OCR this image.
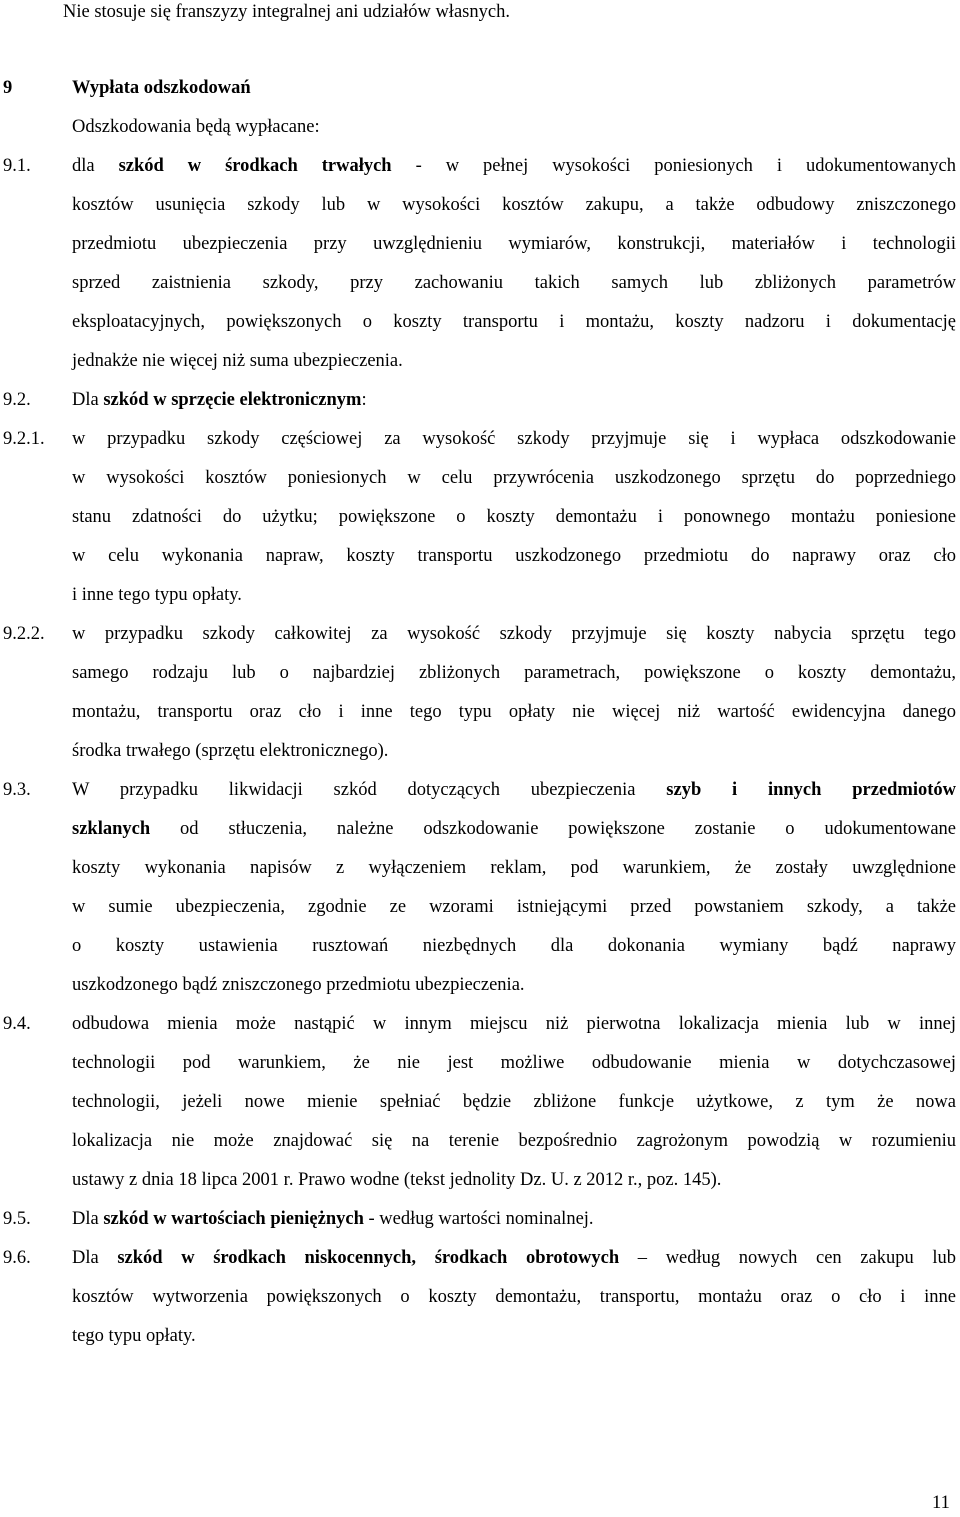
Nie stosuje się franszyzy integralnej ani udziałów własnych.
9	Wypłata odszkodowań
Odszkodowania będą wypłacane:
9.1. dla szkód w środkach trwałych - w pełnej wysokości poniesionych i udokumentowanych
kosztów usunięcia szkody lub w wysokości kosztów zakupu, a także odbudowy zniszczonego
przedmiotu ubezpieczenia przy uwzględnieniu wymiarów, konstrukcji, materiałów i technologii
sprzed zaistnienia szkody, przy zachowaniu takich samych lub zbliżonych parametrów
eksploatacyjnych, powiększonych o koszty transportu i montażu, koszty nadzoru i dokumentację
jednakże nie więcej niż suma ubezpieczenia.
9.2. Dla szkód w sprzęcie elektronicznym:
9.2.1. w przypadku szkody częściowej za wysokość szkody przyjmuje się i wypłaca odszkodowanie
w wysokości kosztów poniesionych w celu przywrócenia uszkodzonego sprzętu do poprzedniego
stanu zdatności do użytku; powiększone o koszty demontażu i ponownego montażu poniesione
w celu wykonania napraw, koszty transportu uszkodzonego przedmiotu do naprawy oraz cło
i inne tego typu opłaty.
9.2.2. w przypadku szkody całkowitej za wysokość szkody przyjmuje się koszty nabycia sprzętu tego
samego rodzaju lub o najbardziej zbliżonych parametrach, powiększone o koszty demontażu,
montażu, transportu oraz cło i inne tego typu opłaty nie więcej niż wartość ewidencyjna danego
środka trwałego (sprzętu elektronicznego).
9.3. W przypadku likwidacji szkód dotyczących ubezpieczenia szyb i innych przedmiotów
szklanych od stłuczenia, należne odszkodowanie powiększone zostanie o udokumentowane
koszty wykonania napisów z wyłączeniem reklam, pod warunkiem, że zostały uwzględnione
w sumie ubezpieczenia, zgodnie ze wzorami istniejącymi przed powstaniem szkody, a także
o koszty ustawienia rusztowań niezbędnych dla dokonania wymiany bądź naprawy
uszkodzonego bądź zniszczonego przedmiotu ubezpieczenia.
9.4. odbudowa mienia może nastąpić w innym miejscu niż pierwotna lokalizacja mienia lub w innej
technologii pod warunkiem, że nie jest możliwe odbudowanie mienia w dotychczasowej
technologii, jeżeli nowe mienie spełniać będzie zbliżone funkcje użytkowe, z tym że nowa
lokalizacja nie może znajdować się na terenie bezpośrednio zagrożonym powodzią w rozumieniu
ustawy z dnia 18 lipca 2001 r. Prawo wodne (tekst jednolity Dz. U. z 2012 r., poz. 145).
9.5. Dla szkód w wartościach pieniężnych - według wartości nominalnej.
9.6. Dla szkód w środkach niskocennych, środkach obrotowych – według nowych cen zakupu lub
kosztów wytworzenia powiększonych o koszty demontażu, transportu, montażu oraz o cło i inne
tego typu opłaty.
11
